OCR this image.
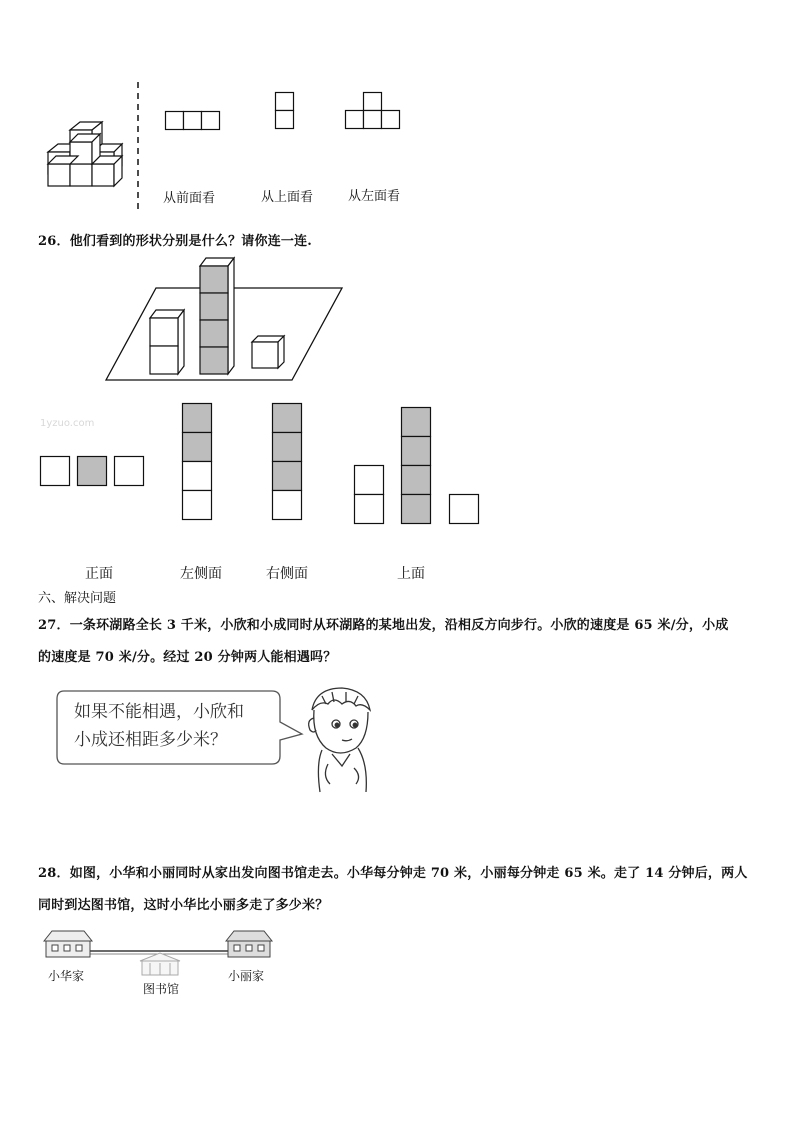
从前面看	从上面看	从左面看
26．他们看到的形状分别是什么？请你连一连.
1yzuo.com
正面	左侧面	右侧面	上面
六、解决问题
27．一条环湖路全长 3 千米，小欣和小成同时从环湖路的某地出发，沿相反方向步行。小欣的速度是 65 米/分，小成
的速度是 70 米/分。经过 20 分钟两人能相遇吗？
如果不能相遇，小欣和
小成还相距多少米？
28．如图，小华和小丽同时从家出发向图书馆走去。小华每分钟走 70 米，小丽每分钟走 65 米。走了 14 分钟后，两人
同时到达图书馆，这时小华比小丽多走了多少米？
小华家
图书馆
小丽家
